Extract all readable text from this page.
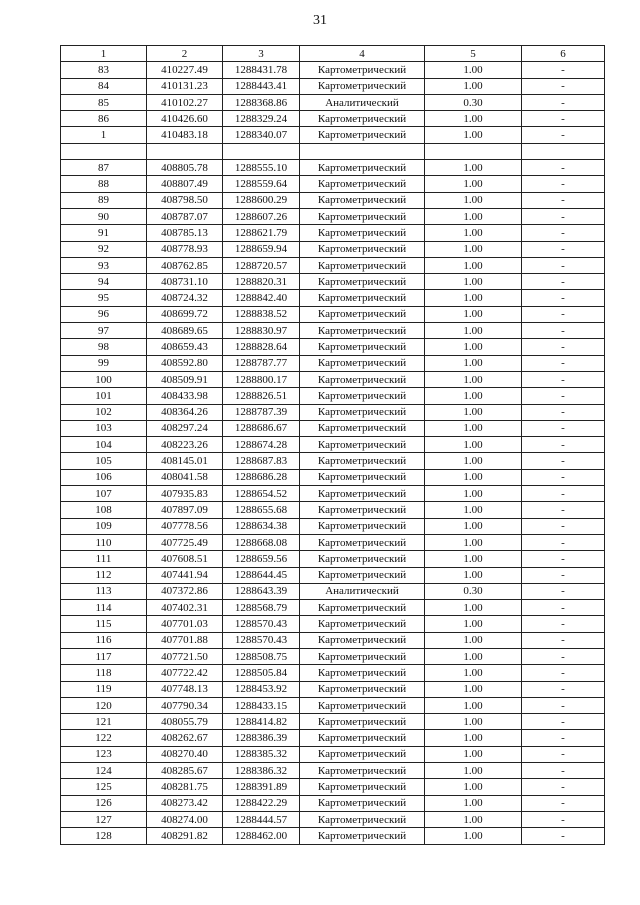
31
1	2	3	4	5	6
83	410227.49	1288431.78	Картометрический	1.00	-
84	410131.23	1288443.41	Картометрический	1.00	-
85	410102.27	1288368.86	Аналитический	0.30	-
86	410426.60	1288329.24	Картометрический	1.00	-
1	410483.18	1288340.07	Картометрический	1.00	-

87	408805.78	1288555.10	Картометрический	1.00	-
88	408807.49	1288559.64	Картометрический	1.00	-
89	408798.50	1288600.29	Картометрический	1.00	-
90	408787.07	1288607.26	Картометрический	1.00	-
91	408785.13	1288621.79	Картометрический	1.00	-
92	408778.93	1288659.94	Картометрический	1.00	-
93	408762.85	1288720.57	Картометрический	1.00	-
94	408731.10	1288820.31	Картометрический	1.00	-
95	408724.32	1288842.40	Картометрический	1.00	-
96	408699.72	1288838.52	Картометрический	1.00	-
97	408689.65	1288830.97	Картометрический	1.00	-
98	408659.43	1288828.64	Картометрический	1.00	-
99	408592.80	1288787.77	Картометрический	1.00	-
100	408509.91	1288800.17	Картометрический	1.00	-
101	408433.98	1288826.51	Картометрический	1.00	-
102	408364.26	1288787.39	Картометрический	1.00	-
103	408297.24	1288686.67	Картометрический	1.00	-
104	408223.26	1288674.28	Картометрический	1.00	-
105	408145.01	1288687.83	Картометрический	1.00	-
106	408041.58	1288686.28	Картометрический	1.00	-
107	407935.83	1288654.52	Картометрический	1.00	-
108	407897.09	1288655.68	Картометрический	1.00	-
109	407778.56	1288634.38	Картометрический	1.00	-
110	407725.49	1288668.08	Картометрический	1.00	-
111	407608.51	1288659.56	Картометрический	1.00	-
112	407441.94	1288644.45	Картометрический	1.00	-
113	407372.86	1288643.39	Аналитический	0.30	-
114	407402.31	1288568.79	Картометрический	1.00	-
115	407701.03	1288570.43	Картометрический	1.00	-
116	407701.88	1288570.43	Картометрический	1.00	-
117	407721.50	1288508.75	Картометрический	1.00	-
118	407722.42	1288505.84	Картометрический	1.00	-
119	407748.13	1288453.92	Картометрический	1.00	-
120	407790.34	1288433.15	Картометрический	1.00	-
121	408055.79	1288414.82	Картометрический	1.00	-
122	408262.67	1288386.39	Картометрический	1.00	-
123	408270.40	1288385.32	Картометрический	1.00	-
124	408285.67	1288386.32	Картометрический	1.00	-
125	408281.75	1288391.89	Картометрический	1.00	-
126	408273.42	1288422.29	Картометрический	1.00	-
127	408274.00	1288444.57	Картометрический	1.00	-
128	408291.82	1288462.00	Картометрический	1.00	-
